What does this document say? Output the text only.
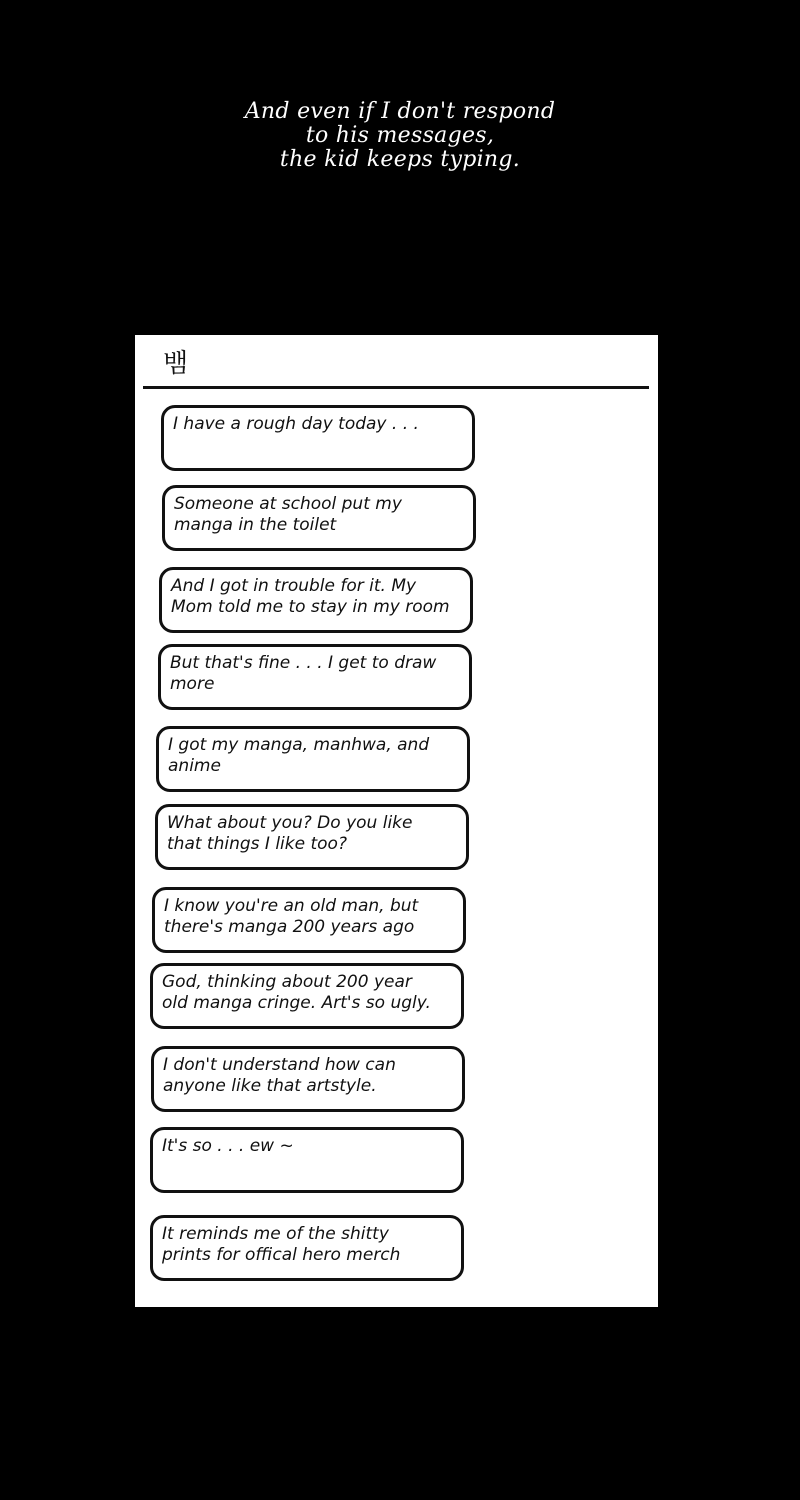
And even if I don't respond
to his messages,
the kid keeps typing.
뱀
I have a rough day today . . .
Someone at school put my
manga in the toilet
And I got in trouble for it. My
Mom told me to stay in my room
But that's fine . . . I get to draw
more
I got my manga, manhwa, and
anime
What about you? Do you like
that things I like too?
I know you're an old man, but
there's manga 200 years ago
God, thinking about 200 year
old manga cringe. Art's so ugly.
I don't understand how can
anyone like that artstyle.
It's so . . . ew ~
It reminds me of the shitty
prints for offical hero merch
